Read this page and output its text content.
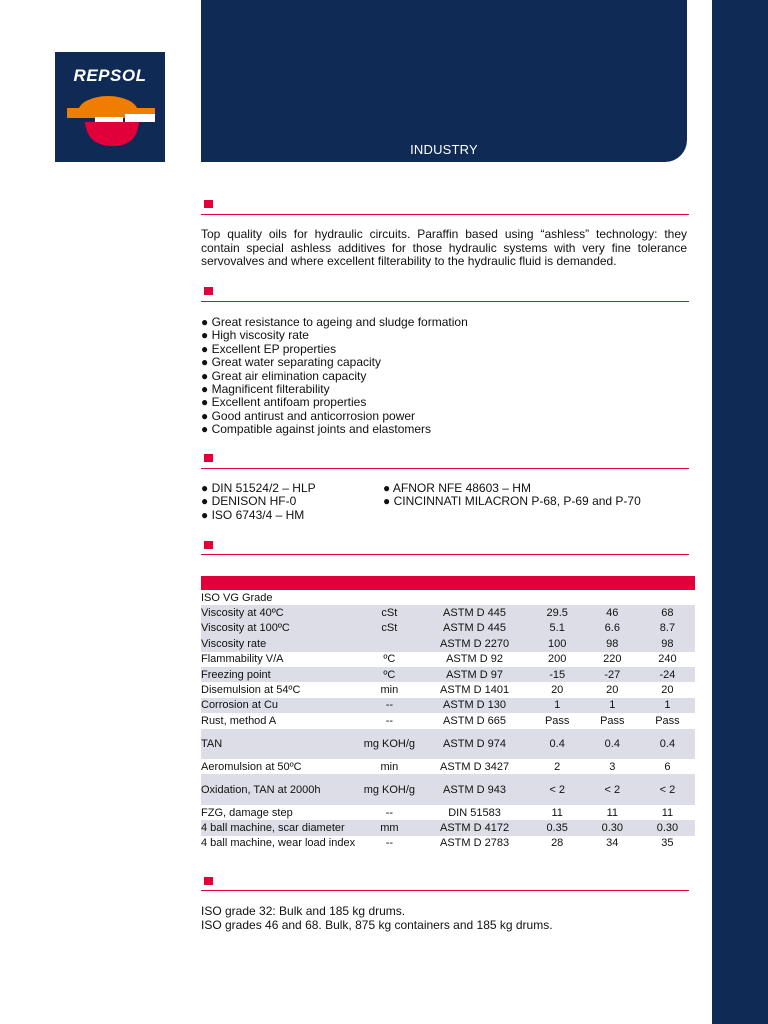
INDUSTRY
REPSOL
Top quality oils for hydraulic circuits. Paraffin based using “ashless” technology: they contain special ashless additives for those hydraulic systems with very fine tolerance servovalves and where excellent filterability to the hydraulic fluid is demanded.
● Great resistance to ageing and sludge formation
● High viscosity rate
● Excellent EP properties
● Great water separating capacity
● Great air elimination capacity
● Magnificent filterability
● Excellent antifoam properties
● Good antirust and anticorrosion power
● Compatible against joints and elastomers
● DIN 51524/2 – HLP
● DENISON HF-0
● ISO 6743/4 – HM
● AFNOR NFE 48603 – HM
● CINCINNATI MILACRON P-68, P-69 and P-70
ISO VG Grade					
Viscosity at 40ºC	cSt	ASTM D 445	29.5	46	68
Viscosity at 100ºC	cSt	ASTM D 445	5.1	6.6	8.7
Viscosity rate		ASTM D 2270	100	98	98
Flammability V/A	ºC	ASTM D 92	200	220	240
Freezing point	ºC	ASTM D 97	-15	-27	-24
Disemulsion at 54ºC	min	ASTM D 1401	20	20	20
Corrosion at Cu	--	ASTM D 130	1	1	1
Rust, method A	--	ASTM D 665	Pass	Pass	Pass
TAN	mg KOH/g	ASTM D 974	0.4	0.4	0.4
Aeromulsion at 50ºC	min	ASTM D 3427	2	3	6
Oxidation, TAN at 2000h	mg KOH/g	ASTM D 943	< 2	< 2	< 2
FZG, damage step	--	DIN 51583	11	11	11
4 ball machine, scar diameter	mm	ASTM D 4172	0.35	0.30	0.30
4 ball machine, wear load index	--	ASTM D 2783	28	34	35
ISO grade 32: Bulk and 185 kg drums.
ISO grades 46 and 68. Bulk, 875 kg containers and 185 kg drums.
